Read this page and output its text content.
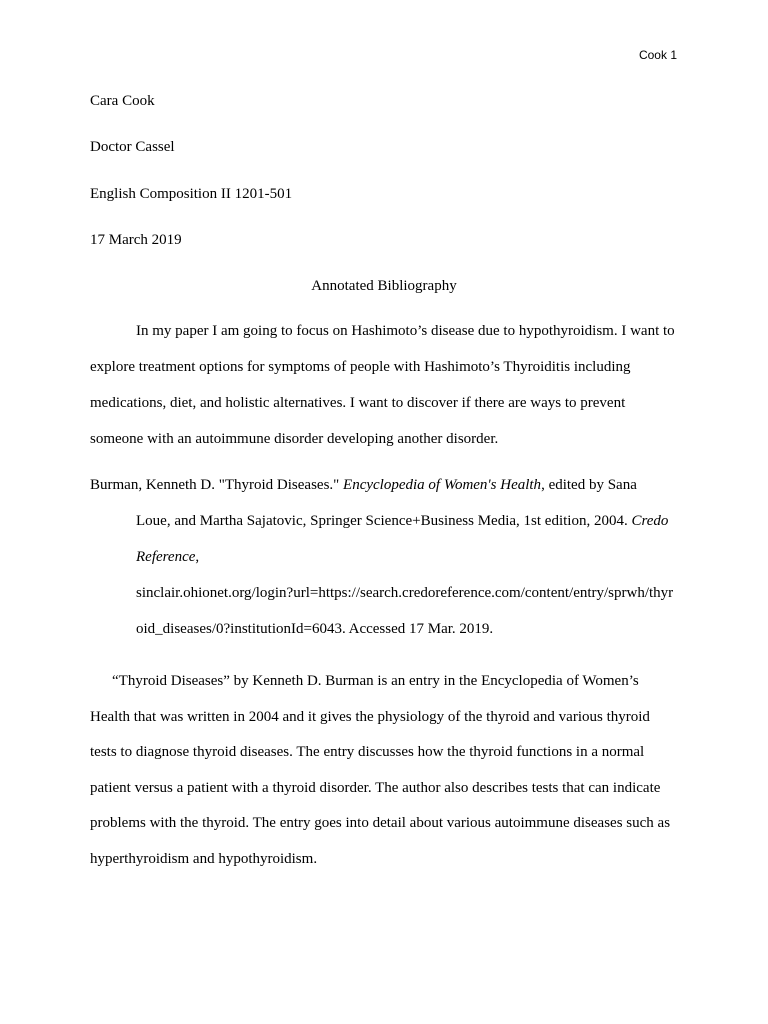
Cook 1
Cara Cook
Doctor Cassel
English Composition II 1201-501
17 March 2019
Annotated Bibliography
In my paper I am going to focus on Hashimoto’s disease due to hypothyroidism. I want to
explore treatment options for symptoms of people with Hashimoto’s Thyroiditis including
medications, diet, and holistic alternatives. I want to discover if there are ways to prevent
someone with an autoimmune disorder developing another disorder.
Burman, Kenneth D. "Thyroid Diseases." Encyclopedia of Women's Health, edited by Sana
Loue, and Martha Sajatovic, Springer Science+Business Media, 1st edition, 2004. Credo
Reference,
sinclair.ohionet.org/login?url=https://search.credoreference.com/content/entry/sprwh/thyr
oid_diseases/0?institutionId=6043. Accessed 17 Mar. 2019.
“Thyroid Diseases” by Kenneth D. Burman is an entry in the Encyclopedia of Women’s
Health that was written in 2004 and it gives the physiology of the thyroid and various thyroid
tests to diagnose thyroid diseases. The entry discusses how the thyroid functions in a normal
patient versus a patient with a thyroid disorder. The author also describes tests that can indicate
problems with the thyroid. The entry goes into detail about various autoimmune diseases such as
hyperthyroidism and hypothyroidism.
